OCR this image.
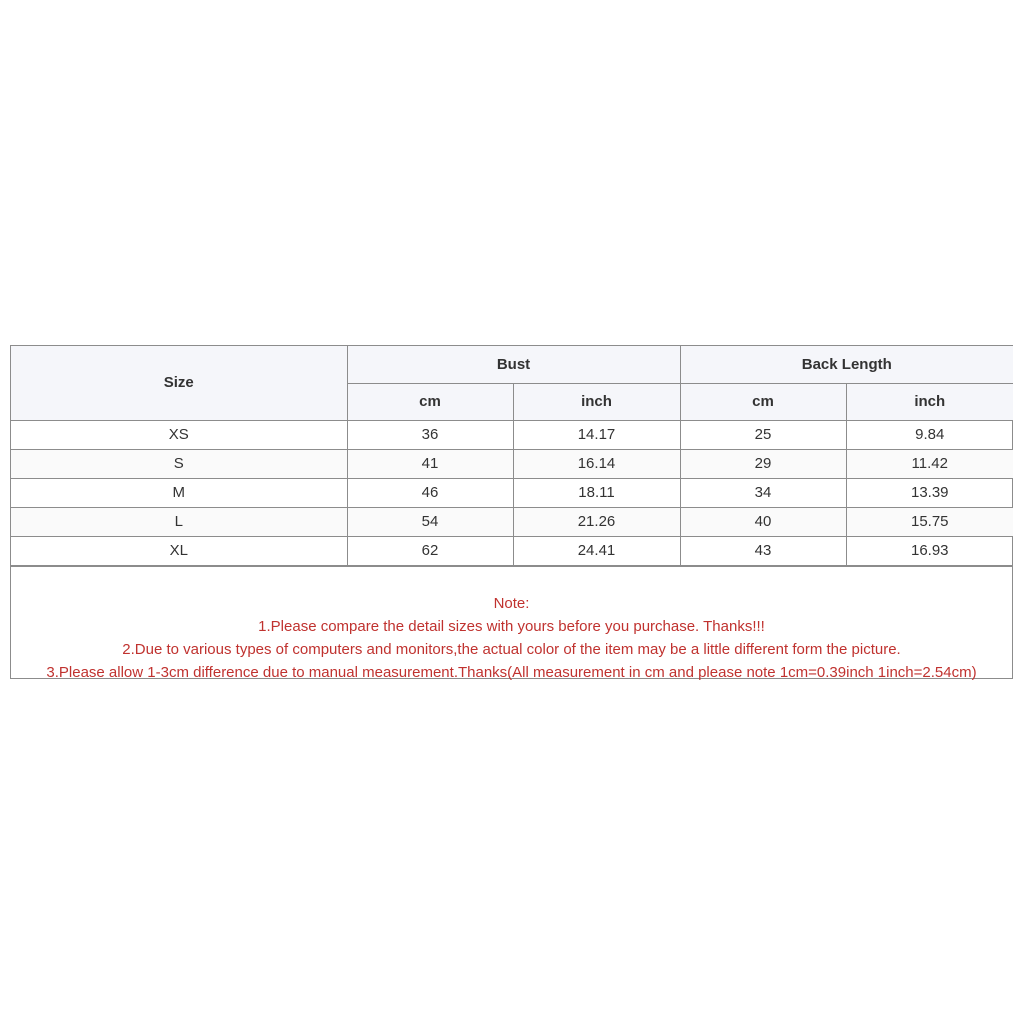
Size	Bust		Back Length	
	cm	inch	cm	inch
XS	36	14.17	25	9.84
S	41	16.14	29	11.42
M	46	18.11	34	13.39
L	54	21.26	40	15.75
XL	62	24.41	43	16.93
Note:
1.Please compare the detail sizes with yours before you purchase. Thanks!!!
2.Due to various types of computers and monitors,the actual color of the item may be a little different form the picture.
3.Please allow 1-3cm difference due to manual measurement.Thanks(All measurement in cm and please note 1cm=0.39inch 1inch=2.54cm)
